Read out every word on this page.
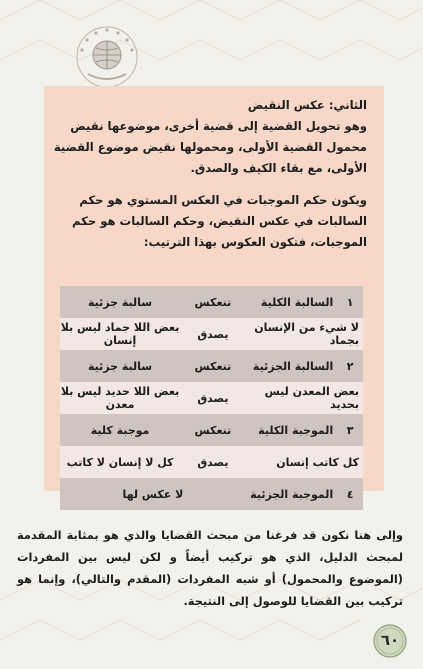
الثاني: عكس النقيض
وهو تحويل القضية إلى قضية أخرى، موضوعها نقيض محمول القضية الأولى، ومحمولها نقيض موضوع القضية الأولى، مع بقاء الكيف والصدق.
ويكون حكم الموجبات في العكس المستوي هو حكم السالبات في عكس النقيض، وحكم السالبات هو حكم الموجبات، فتكون العكوس بهذا الترتيب:
١	السالبة الكلية	تنعكس	سالبة جزئية
لا شيء من الإنسان بجماد		يصدق	بعض اللا جماد ليس بلا إنسان
٢	السالبة الجزئية	تنعكس	سالبة جزئية
بعض المعدن ليس بحديد		يصدق	بعض اللا حديد ليس بلا معدن
٣	الموجبة الكلية	تنعكس	موجبة كلية
كل كاتب إنسان		يصدق	كل لا إنسان لا كاتب
٤	الموجبة الجزئية	لا عكس لها	
وإلى هنا نكون قد فرغنا من مبحث القضايا والذي هو بمثابة المقدمة لمبحث الدليل، الذي هو تركيب أيضاً و لكن ليس بين المفردات (الموضوع والمحمول) أو شبه المفردات (المقدم والتالي)، وإنما هو تركيب بين القضايا للوصول إلى النتيجة.
٦٠
